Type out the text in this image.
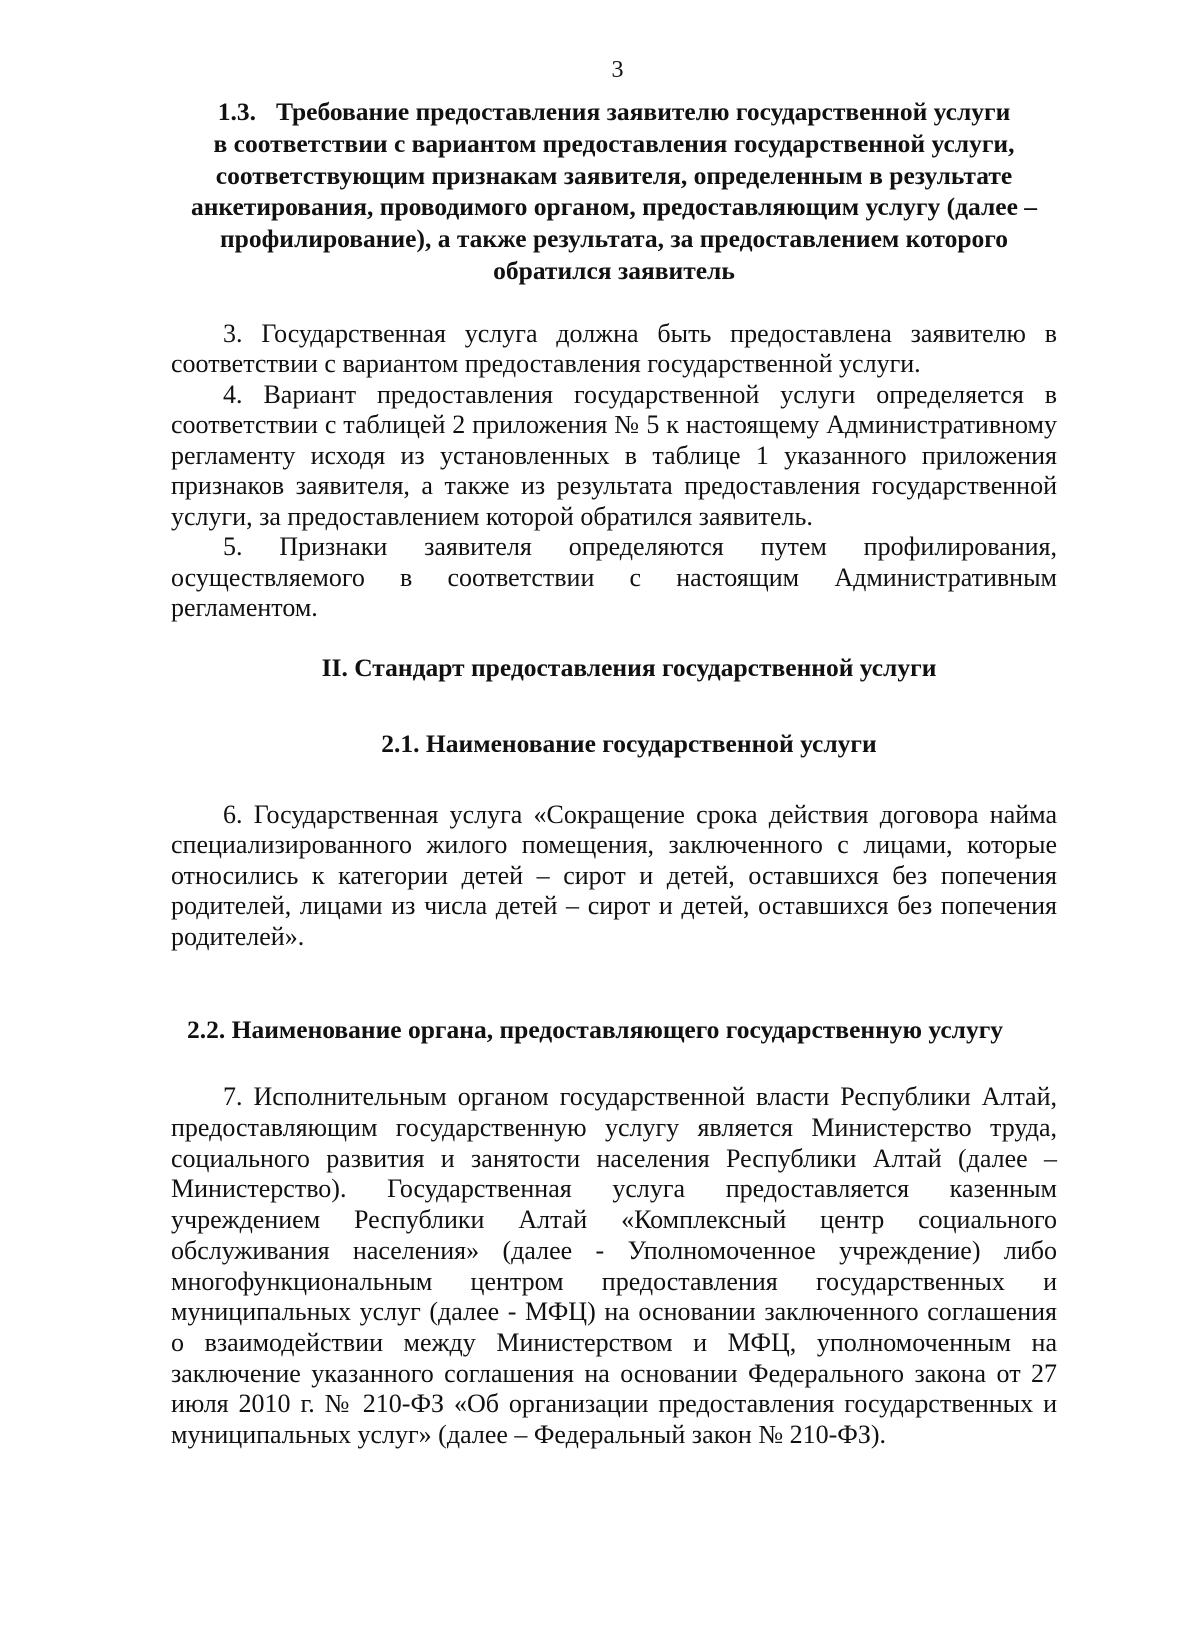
3
1.3. Требование предоставления заявителю государственной услуги
в соответствии с вариантом предоставления государственной услуги,
соответствующим признакам заявителя, определенным в результате
анкетирования, проводимого органом, предоставляющим услугу (далее –
профилирование), а также результата, за предоставлением которого
обратился заявитель

3. Государственная услуга должна быть предоставлена заявителю в соответствии с вариантом предоставления государственной услуги.

4. Вариант предоставления государственной услуги определяется в соответствии с таблицей 2 приложения № 5 к настоящему Административному регламенту исходя из установленных в таблице 1 указанного приложения признаков заявителя, а также из результата предоставления государственной услуги, за предоставлением которой обратился заявитель.

5. Признаки заявителя определяются путем профилирования, осуществляемого в соответствии с настоящим Административным регламентом.

II. Стандарт предоставления государственной услуги
2.1. Наименование государственной услуги

6. Государственная услуга «Сокращение срока действия договора найма специализированного жилого помещения, заключенного с лицами, которые относились к категории детей – сирот и детей, оставшихся без попечения родителей, лицами из числа детей – сирот и детей, оставшихся без попечения родителей».

2.2. Наименование органа, предоставляющего государственную услугу

7. Исполнительным органом государственной власти Республики Алтай, предоставляющим государственную услугу является Министерство труда, социального развития и занятости населения Республики Алтай (далее – Министерство). Государственная услуга предоставляется казенным учреждением Республики Алтай «Комплексный центр социального обслуживания населения» (далее - Уполномоченное учреждение) либо многофункциональным центром предоставления государственных и муниципальных услуг (далее - МФЦ) на основании заключенного соглашения о взаимодействии между Министерством и МФЦ, уполномоченным на заключение указанного соглашения на основании Федерального закона от 27 июля 2010 г. № 210-ФЗ «Об организации предоставления государственных и муниципальных услуг» (далее – Федеральный закон № 210-ФЗ).
